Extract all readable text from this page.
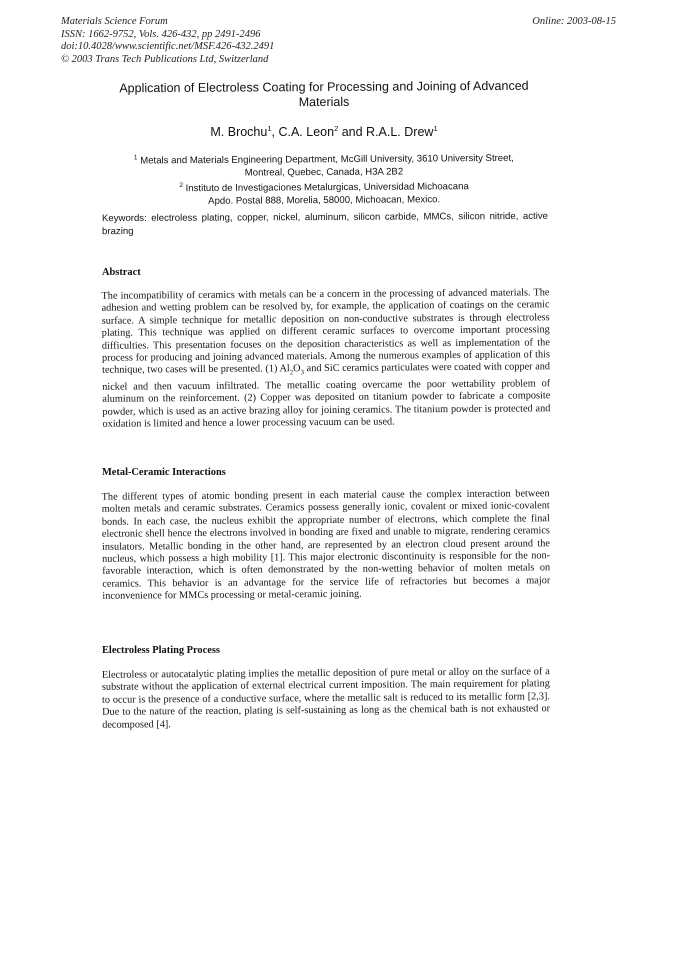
Materials Science Forum
ISSN: 1662-9752, Vols. 426-432, pp 2491-2496
doi:10.4028/www.scientific.net/MSF.426-432.2491
© 2003 Trans Tech Publications Ltd, Switzerland
Online: 2003-08-15
Application of Electroless Coating for Processing and Joining of Advanced
Materials
M. Brochu$^1$, C.A. Leon$^2$ and R.A.L. Drew$^1$
$^1$ Metals and Materials Engineering Department, McGill University, 3610 University Street,
Montreal, Quebec, Canada, H3A 2B2
$^2$ Instituto de Investigaciones Metalurgicas, Universidad Michoacana
Apdo. Postal 888, Morelia, 58000, Michoacan, Mexico.
Keywords: electroless plating, copper, nickel, aluminum, silicon carbide, MMCs, silicon nitride, active brazing
Abstract
The incompatibility of ceramics with metals can be a concern in the processing of advanced materials. The adhesion and wetting problem can be resolved by, for example, the application of coatings on the ceramic surface. A simple technique for metallic deposition on non-conductive substrates is through electroless plating. This technique was applied on different ceramic surfaces to overcome important processing difficulties. This presentation focuses on the deposition characteristics as well as implementation of the process for producing and joining advanced materials. Among the numerous examples of application of this technique, two cases will be presented. (1) $Al_2O_3$ and SiC ceramics particulates were coated with copper and nickel and then vacuum infiltrated. The metallic coating overcame the poor wettability problem of aluminum on the reinforcement. (2) Copper was deposited on titanium powder to fabricate a composite powder, which is used as an active brazing alloy for joining ceramics. The titanium powder is protected and oxidation is limited and hence a lower processing vacuum can be used.
Metal-Ceramic Interactions
The different types of atomic bonding present in each material cause the complex interaction between molten metals and ceramic substrates. Ceramics possess generally ionic, covalent or mixed ionic-covalent bonds. In each case, the nucleus exhibit the appropriate number of electrons, which complete the final electronic shell hence the electrons involved in bonding are fixed and unable to migrate, rendering ceramics insulators. Metallic bonding in the other hand, are represented by an electron cloud present around the nucleus, which possess a high mobility [1]. This major electronic discontinuity is responsible for the non-favorable interaction, which is often demonstrated by the non-wetting behavior of molten metals on ceramics. This behavior is an advantage for the service life of refractories but becomes a major inconvenience for MMCs processing or metal-ceramic joining.
Electroless Plating Process
Electroless or autocatalytic plating implies the metallic deposition of pure metal or alloy on the surface of a substrate without the application of external electrical current imposition. The main requirement for plating to occur is the presence of a conductive surface, where the metallic salt is reduced to its metallic form [2,3]. Due to the nature of the reaction, plating is self-sustaining as long as the chemical bath is not exhausted or decomposed [4].
